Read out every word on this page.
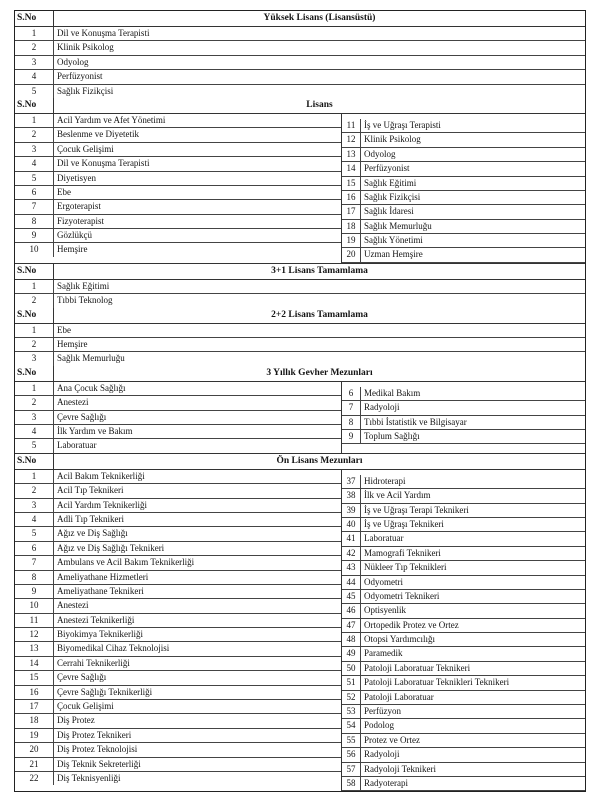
S.No	Yüksek Lisans (Lisansüstü)
1	Dil ve Konuşma Terapisti
2	Klinik Psikolog
3	Odyolog
4	Perfüzyonist
5	Sağlık Fizikçisi
S.No	Lisans
1	Acil Yardım ve Afet Yönetimi
2	Beslenme ve Diyetetik
3	Çocuk Gelişimi
4	Dil ve Konuşma Terapisti
5	Diyetisyen
6	Ebe
7	Ergoterapist
8	Fizyoterapist
9	Gözlükçü
10	Hemşire
11 İş ve Uğraşı Terapisti
12 Klinik Psikolog
13 Odyolog
14 Perfüzyonist
15 Sağlık Eğitimi
16 Sağlık Fizikçisi
17 Sağlık İdaresi
18 Sağlık Memurluğu
19 Sağlık Yönetimi
20 Uzman Hemşire
S.No	3+1 Lisans Tamamlama
1	Sağlık Eğitimi
2	Tıbbi Teknolog
S.No	2+2 Lisans Tamamlama
1	Ebe
2	Hemşire
3	Sağlık Memurluğu
S.No	3 Yıllık Gevher Mezunları
1	Ana Çocuk Sağlığı
2	Anestezi
3	Çevre Sağlığı
4	İlk Yardım ve Bakım
5	Laboratuar
6	Medikal Bakım
7	Radyoloji
8	Tıbbi İstatistik ve Bilgisayar
9	Toplum Sağlığı
S.No	Ön Lisans Mezunları
1	Acil Bakım Teknikerliği
2	Acil Tıp Teknikeri
3	Acil Yardım Teknikerliği
4	Adli Tıp Teknikeri
5	Ağız ve Diş Sağlığı
6	Ağız ve Diş Sağlığı Teknikeri
7	Ambulans ve Acil Bakım Teknikerliği
8	Ameliyathane Hizmetleri
9	Ameliyathane Teknikeri
10	Anestezi
11	Anestezi Teknikerliği
12	Biyokimya Teknikerliği
13	Biyomedikal Cihaz Teknolojisi
14	Cerrahi Teknikerliği
15	Çevre Sağlığı
16	Çevre Sağlığı Teknikerliği
17	Çocuk Gelişimi
18	Diş Protez
19	Diş Protez Teknikeri
20	Diş Protez Teknolojisi
21	Diş Teknik Sekreterliği
22	Diş Teknisyenliği
37 Hidroterapi
38 İlk ve Acil Yardım
39 İş ve Uğraşı Terapi Teknikeri
40 İş ve Uğraşı Teknikeri
41 Laboratuar
42 Mamografi Teknikeri
43 Nükleer Tıp Teknikleri
44 Odyometri
45 Odyometri Teknikeri
46 Optisyenlik
47 Ortopedik Protez ve Ortez
48 Otopsi Yardımcılığı
49 Paramedik
50 Patoloji Laboratuar Teknikeri
51 Patoloji Laboratuar Teknikleri Teknikeri
52 Patoloji Laboratuar
53 Perfüzyon
54 Podolog
55 Protez ve Ortez
56 Radyoloji
57 Radyoloji Teknikeri
58 Radyoterapi
